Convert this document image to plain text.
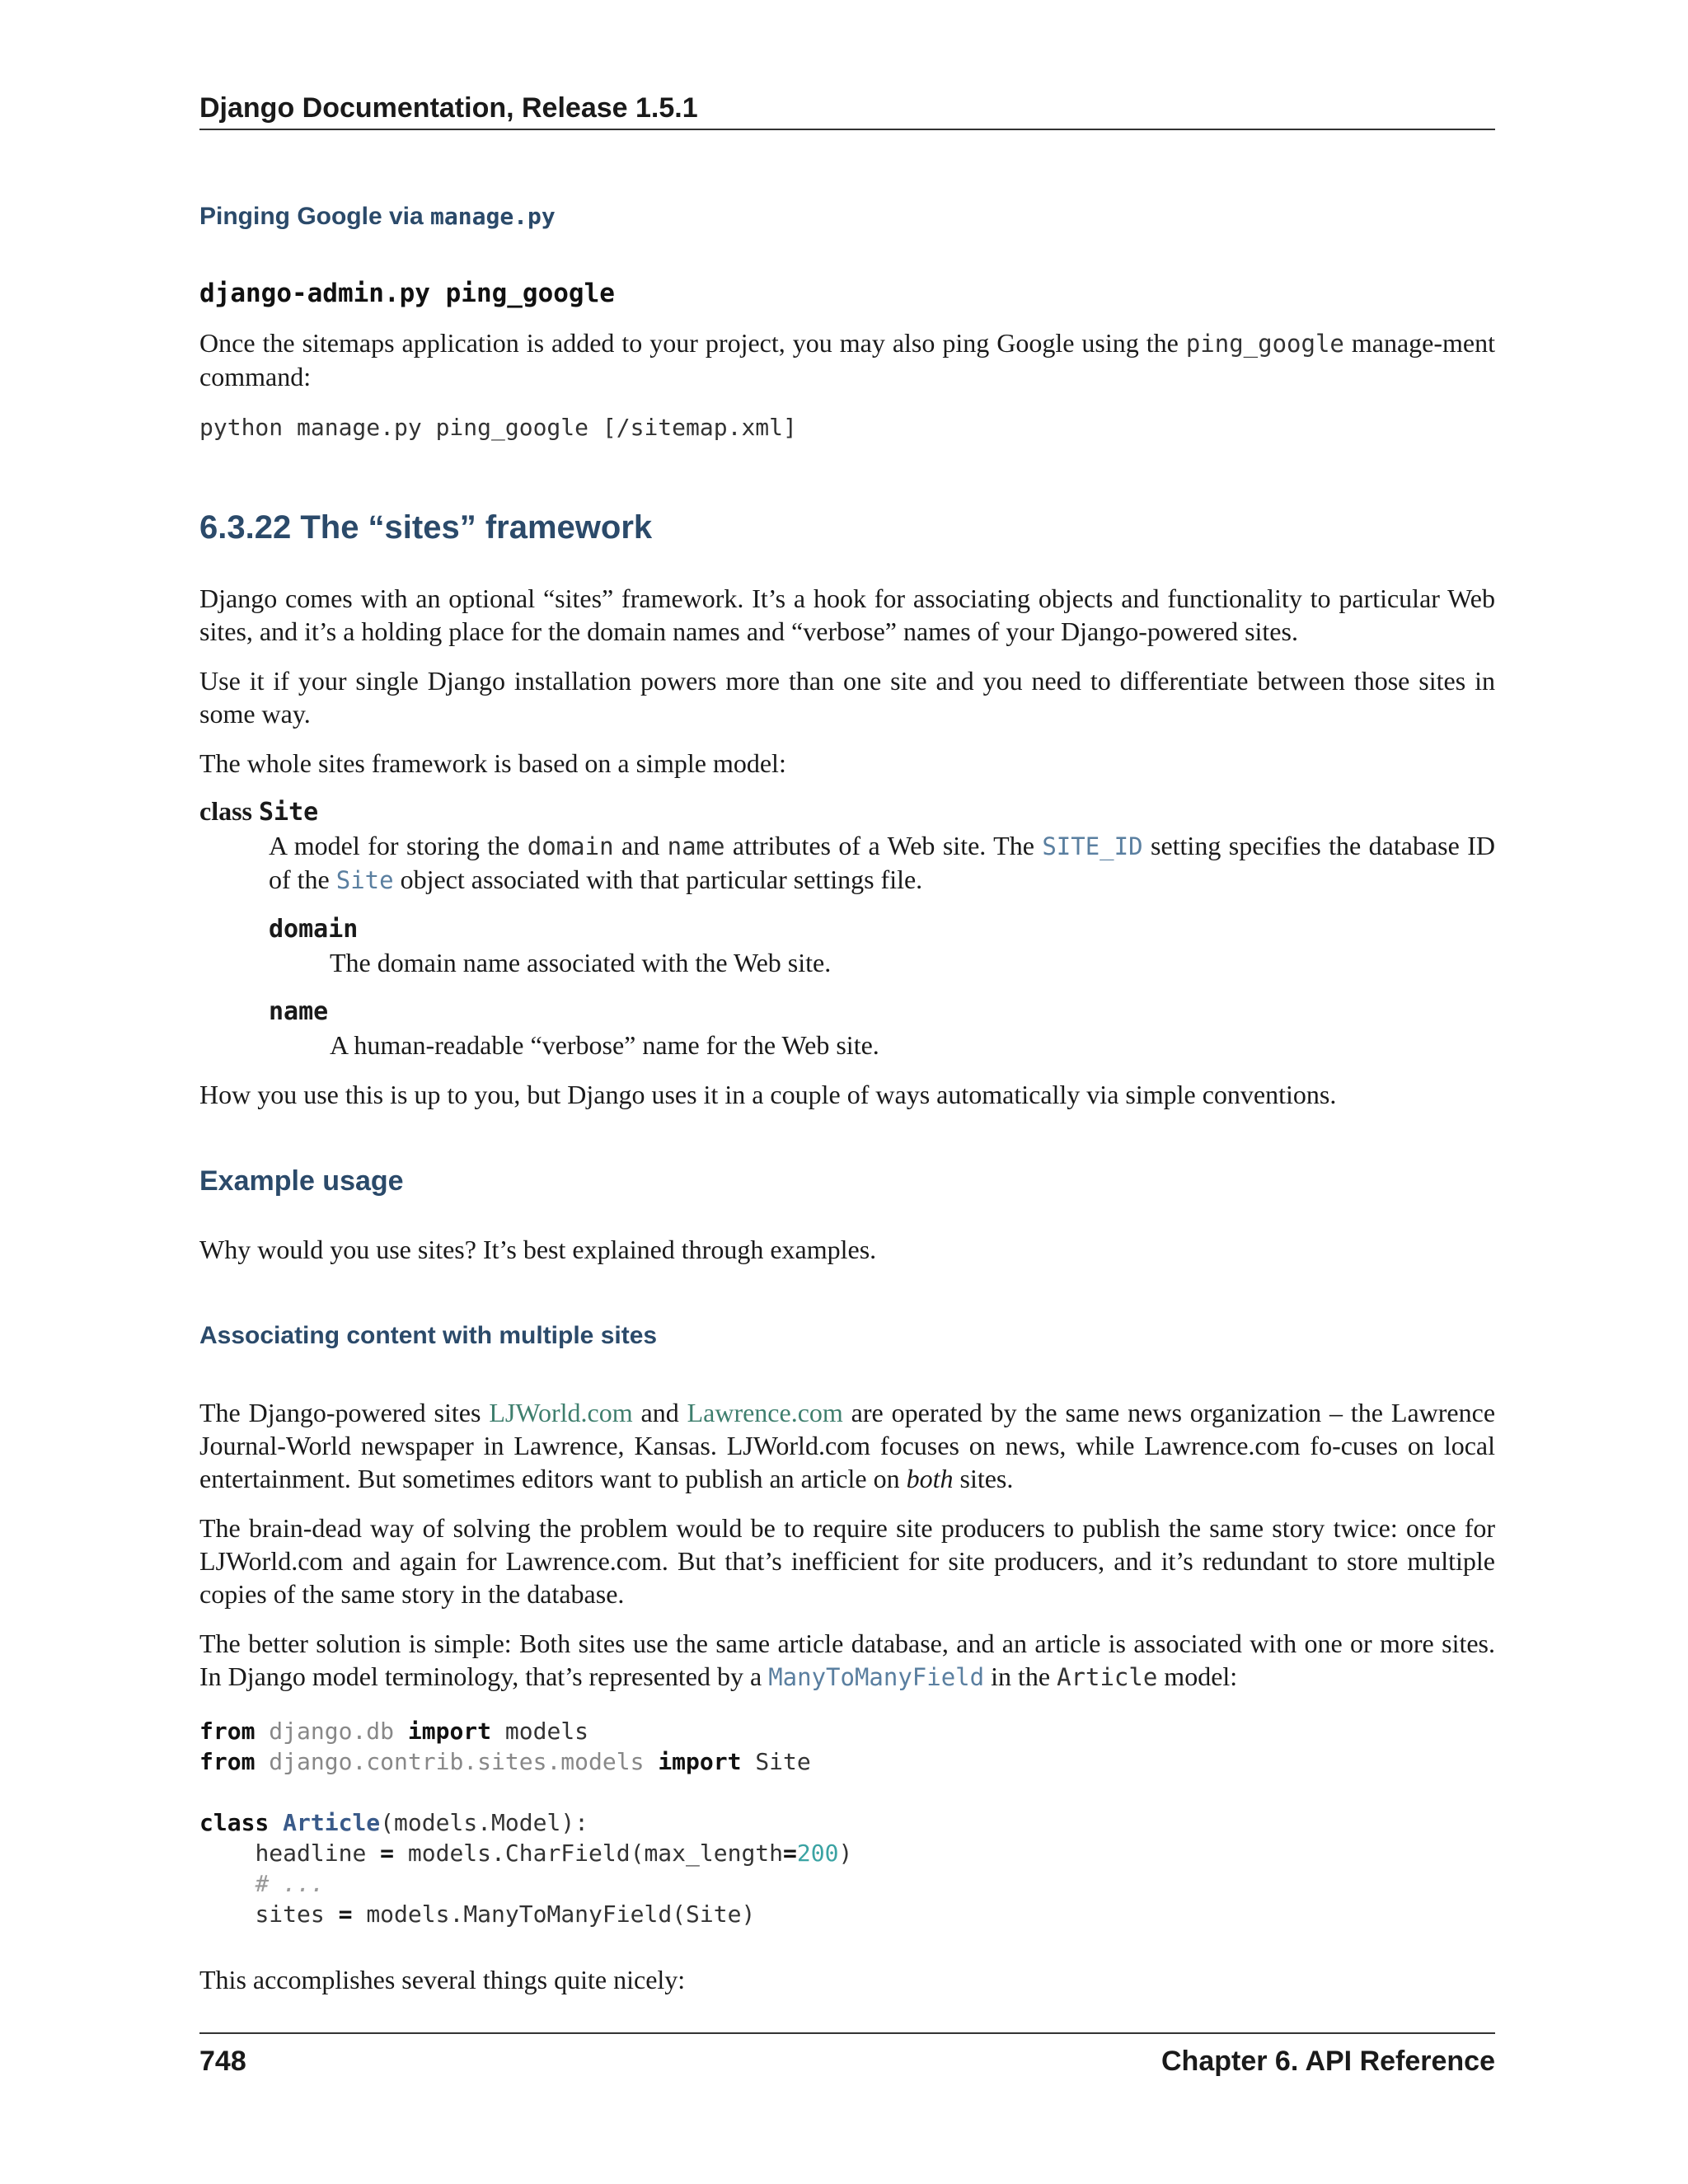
Django Documentation, Release 1.5.1
Pinging Google via manage.py
django-admin.py ping_google

Once the sitemaps application is added to your project, you may also ping Google using the ping_google manage-ment command:

python manage.py ping_google [/sitemap.xml]
6.3.22 The “sites” framework

Django comes with an optional “sites” framework. It’s a hook for associating objects and functionality to particular Web sites, and it’s a holding place for the domain names and “verbose” names of your Django-powered sites.

Use it if your single Django installation powers more than one site and you need to differentiate between those sites in some way.

The whole sites framework is based on a simple model:

class Site

A model for storing the domain and name attributes of a Web site. The SITE_ID setting specifies the database ID of the Site object associated with that particular settings file.

domain

The domain name associated with the Web site.

name

A human-readable “verbose” name for the Web site.

How you use this is up to you, but Django uses it in a couple of ways automatically via simple conventions.

Example usage

Why would you use sites? It’s best explained through examples.

Associating content with multiple sites

The Django-powered sites LJWorld.com and Lawrence.com are operated by the same news organization – the Lawrence Journal-World newspaper in Lawrence, Kansas. LJWorld.com focuses on news, while Lawrence.com fo-cuses on local entertainment. But sometimes editors want to publish an article on both sites.

The brain-dead way of solving the problem would be to require site producers to publish the same story twice: once for LJWorld.com and again for Lawrence.com. But that’s inefficient for site producers, and it’s redundant to store multiple copies of the same story in the database.

The better solution is simple: Both sites use the same article database, and an article is associated with one or more sites. In Django model terminology, that’s represented by a ManyToManyField in the Article model:

from django.db import models
from django.contrib.sites.models import Site

class Article(models.Model):
headline = models.CharField(max_length=200)
# ...
sites = models.ManyToManyField(Site)

This accomplishes several things quite nicely:

748	Chapter 6. API Reference
